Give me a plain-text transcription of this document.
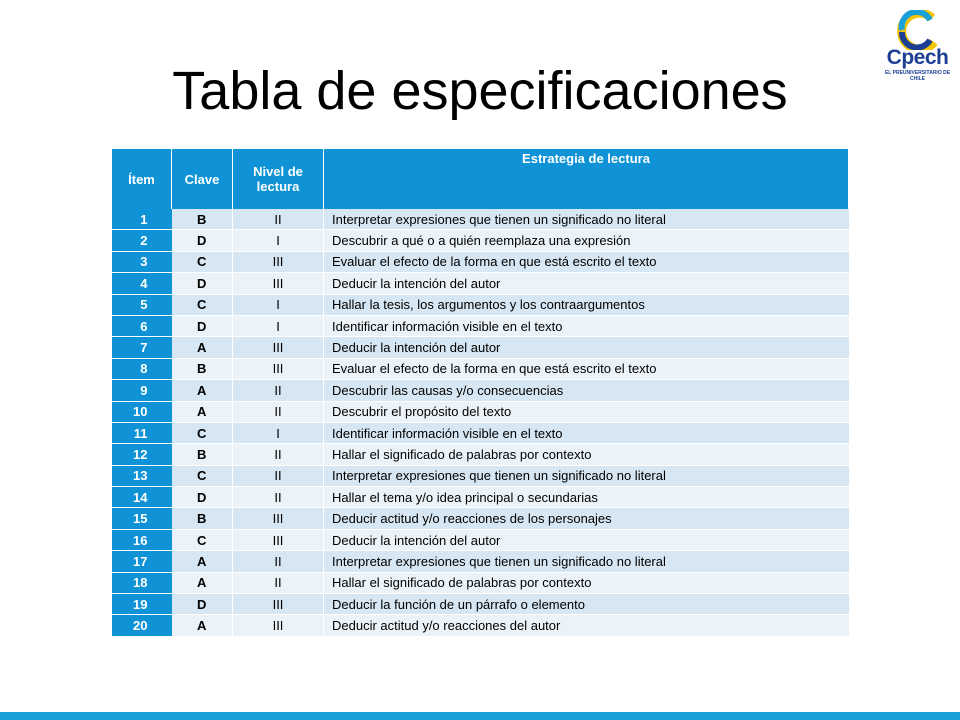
Tabla de especificaciones
Cpech
EL PREUNIVERSITARIO DE CHILE
Ítem	Clave	Nivel de lectura	Estrategia de lectura
1	B	II	Interpretar expresiones que tienen un significado no literal
2	D	I	Descubrir a qué o a quién reemplaza una expresión
3	C	III	Evaluar el efecto de la forma en que está escrito el texto
4	D	III	Deducir la intención del autor
5	C	I	Hallar la tesis, los argumentos y los contraargumentos
6	D	I	Identificar información visible en el texto
7	A	III	Deducir la intención del autor
8	B	III	Evaluar el efecto de la forma en que está escrito el texto
9	A	II	Descubrir las causas y/o consecuencias
10	A	II	Descubrir el propósito del texto
11	C	I	Identificar información visible en el texto
12	B	II	Hallar el significado de palabras por contexto
13	C	II	Interpretar expresiones que tienen un significado no literal
14	D	II	Hallar el tema y/o idea principal o secundarias
15	B	III	Deducir actitud y/o reacciones de los personajes
16	C	III	Deducir la intención del autor
17	A	II	Interpretar expresiones que tienen un significado no literal
18	A	II	Hallar el significado de palabras por contexto
19	D	III	Deducir la función de un párrafo o elemento
20	A	III	Deducir actitud y/o reacciones del autor
